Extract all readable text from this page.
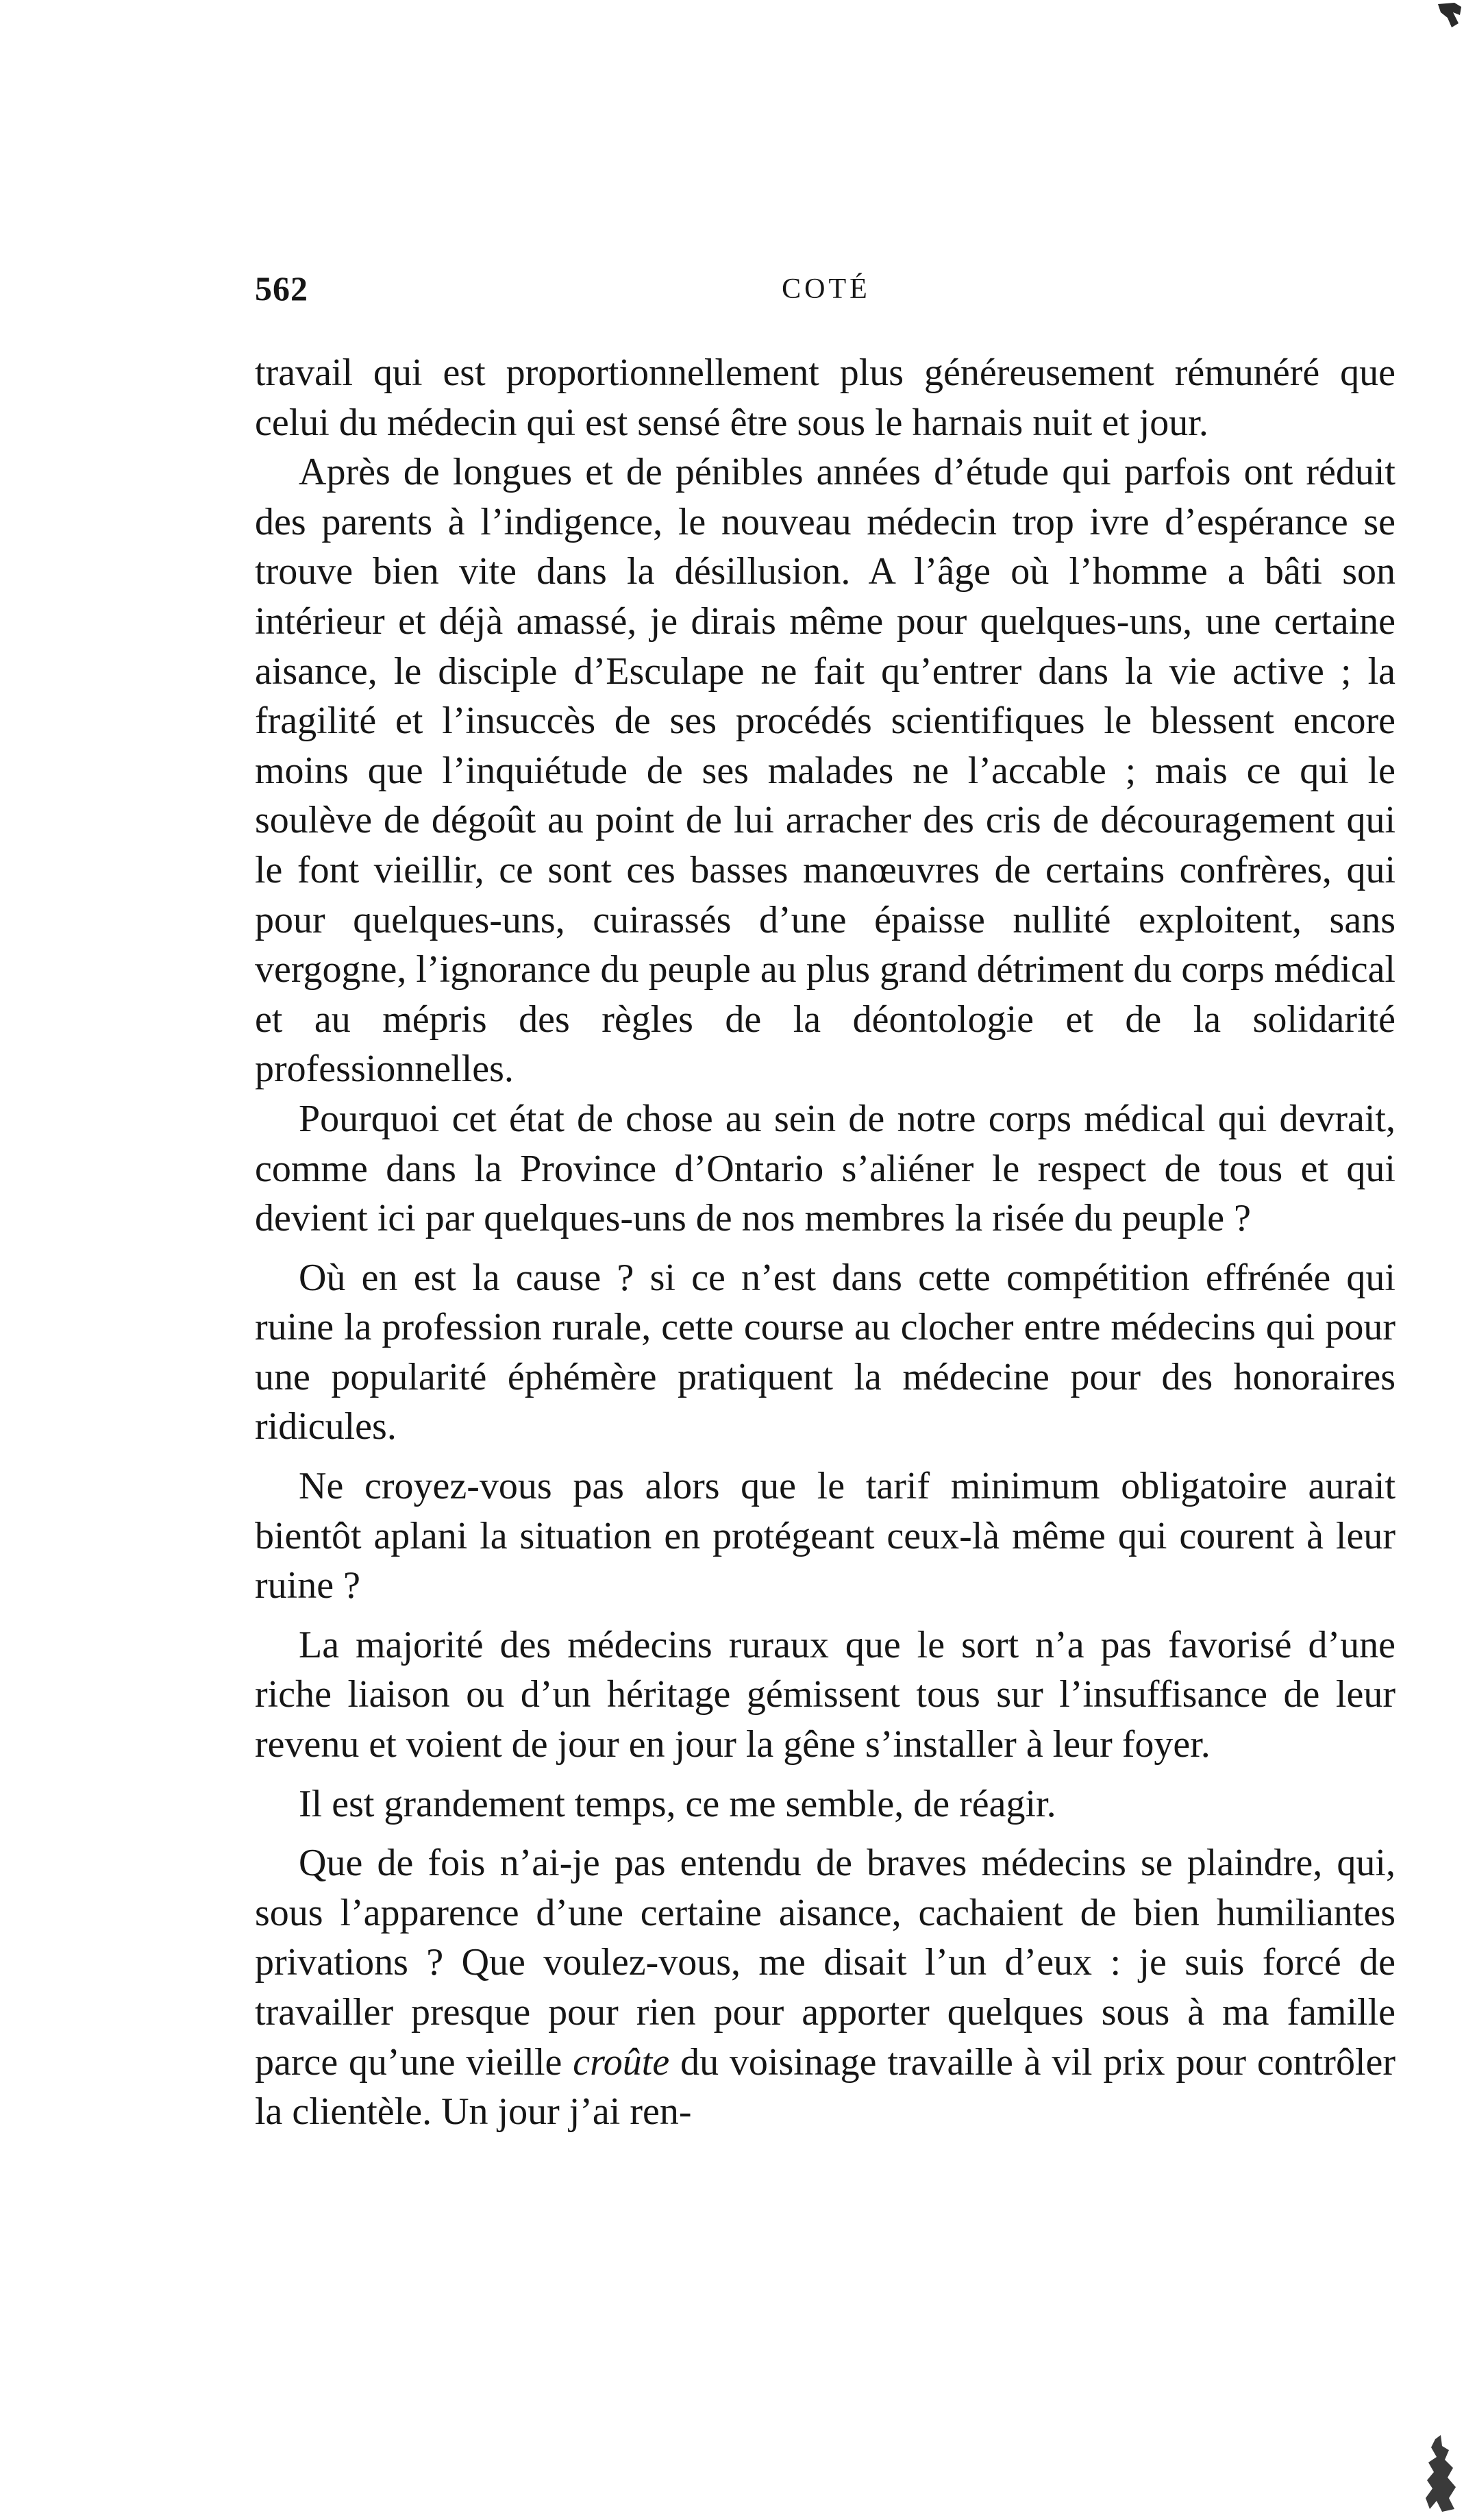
562	COTÉ

travail qui est proportionnellement plus généreusement rémunéré que celui du médecin qui est sensé être sous le harnais nuit et jour.

Après de longues et de pénibles années d’étude qui parfois ont réduit des parents à l’indigence, le nouveau médecin trop ivre d’espérance se trouve bien vite dans la désillusion. A l’âge où l’homme a bâti son intérieur et déjà amassé, je dirais même pour quelques-uns, une certaine aisance, le disciple d’Esculape ne fait qu’entrer dans la vie active ; la fragilité et l’insuccès de ses procédés scientifiques le blessent encore moins que l’inquiétude de ses malades ne l’accable ; mais ce qui le soulève de dégoût au point de lui arracher des cris de découragement qui le font vieillir, ce sont ces basses manœuvres de certains confrères, qui pour quelques-uns, cuirassés d’une épaisse nullité exploitent, sans vergogne, l’ignorance du peuple au plus grand détriment du corps médical et au mépris des règles de la déontologie et de la solidarité professionnelles.

Pourquoi cet état de chose au sein de notre corps médical qui devrait, comme dans la Province d’Ontario s’aliéner le respect de tous et qui devient ici par quelques-uns de nos membres la risée du peuple ?

Où en est la cause ? si ce n’est dans cette compétition effrénée qui ruine la profession rurale, cette course au clocher entre médecins qui pour une popularité éphémère pratiquent la médecine pour des honoraires ridicules.

Ne croyez-vous pas alors que le tarif minimum obligatoire aurait bientôt aplani la situation en protégeant ceux-là même qui courent à leur ruine ?

La majorité des médecins ruraux que le sort n’a pas favorisé d’une riche liaison ou d’un héritage gémissent tous sur l’insuffisance de leur revenu et voient de jour en jour la gêne s’installer à leur foyer.

Il est grandement temps, ce me semble, de réagir.

Que de fois n’ai-je pas entendu de braves médecins se plaindre, qui, sous l’apparence d’une certaine aisance, cachaient de bien humiliantes privations ? Que voulez-vous, me disait l’un d’eux : je suis forcé de travailler presque pour rien pour apporter quelques sous à ma famille parce qu’une vieille croûte du voisinage travaille à vil prix pour contrôler la clientèle. Un jour j’ai ren-
